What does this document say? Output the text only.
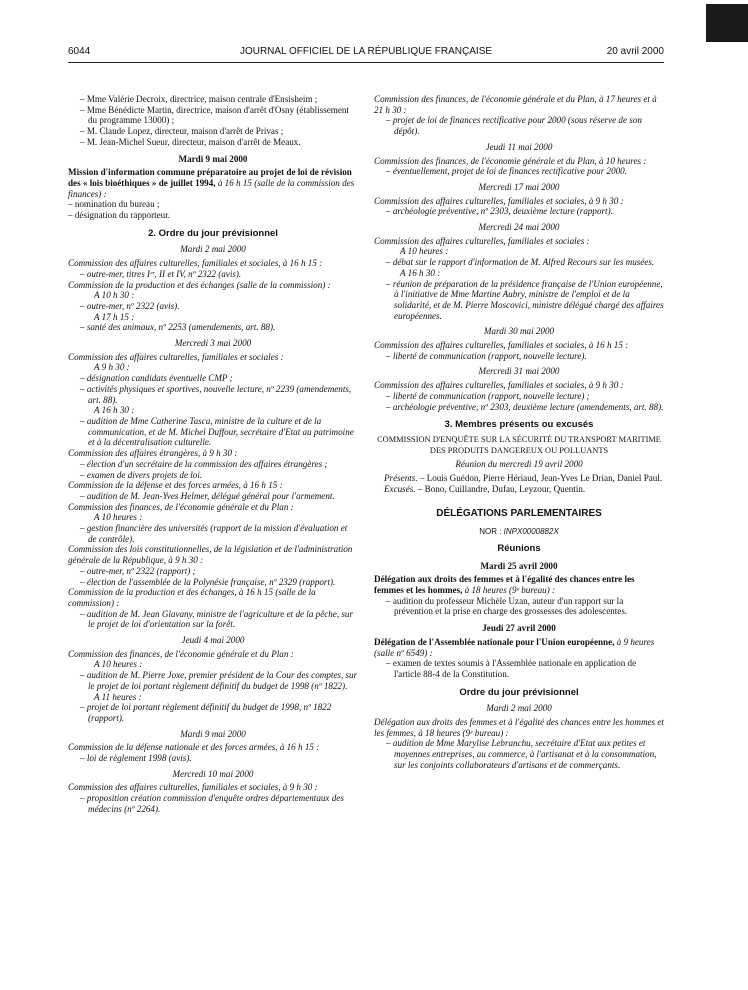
6044	JOURNAL OFFICIEL DE LA RÉPUBLIQUE FRANÇAISE	20 avril 2000

– Mme Valérie Decroix, directrice, maison centrale d'Ensisheim ;

– Mme Bénédicte Martin, directrice, maison d'arrêt d'Osny (établissement du programme 13000) ;

– M. Claude Lopez, directeur, maison d'arrêt de Privas ;

– M. Jean-Michel Sueur, directeur, maison d'arrêt de Meaux.

Mardi 9 mai 2000

Mission d'information commune préparatoire au projet de loi de révision des « lois bioéthiques » de juillet 1994, à 16 h 15 (salle de la commission des finances) :

– nomination du bureau ;

– désignation du rapporteur.

2. Ordre du jour prévisionnel

Mardi 2 mai 2000

Commission des affaires culturelles, familiales et sociales, à 16 h 15 :

– outre-mer, titres Iᵉʳ, II et IV, nº 2322 (avis).

Commission de la production et des échanges (salle de la commission) :

A 10 h 30 :

– outre-mer, nº 2322 (avis).

A 17 h 15 :

– santé des animaux, nº 2253 (amendements, art. 88).

Mercredi 3 mai 2000

Commission des affaires culturelles, familiales et sociales :

A 9 h 30 :

– désignation candidats éventuelle CMP ;

– activités physiques et sportives, nouvelle lecture, nº 2239 (amendements, art. 88).

A 16 h 30 :

– audition de Mme Catherine Tasca, ministre de la culture et de la communication, et de M. Michel Duffour, secrétaire d'Etat au patrimoine et à la décentralisation culturelle.

Commission des affaires étrangères, à 9 h 30 :

– élection d'un secrétaire de la commission des affaires étrangères ;

– examen de divers projets de loi.

Commission de la défense et des forces armées, à 16 h 15 :

– audition de M. Jean-Yves Helmer, délégué général pour l'armement.

Commission des finances, de l'économie générale et du Plan :

A 10 heures :

– gestion financière des universités (rapport de la mission d'évaluation et de contrôle).

Commission des lois constitutionnelles, de la législation et de l'administration générale de la République, à 9 h 30 :

– outre-mer, nº 2322 (rapport) ;

– élection de l'assemblée de la Polynésie française, nº 2329 (rapport).

Commission de la production et des échanges, à 16 h 15 (salle de la commission) :

– audition de M. Jean Glavany, ministre de l'agriculture et de la pêche, sur le projet de loi d'orientation sur la forêt.

Jeudi 4 mai 2000

Commission des finances, de l'économie générale et du Plan :

A 10 heures :

– audition de M. Pierre Joxe, premier président de la Cour des comptes, sur le projet de loi portant règlement définitif du budget de 1998 (nº 1822).

A 11 heures :

– projet de loi portant règlement définitif du budget de 1998, nº 1822 (rapport).

Mardi 9 mai 2000

Commission de la défense nationale et des forces armées, à 16 h 15 :

– loi de règlement 1998 (avis).

Mercredi 10 mai 2000

Commission des affaires culturelles, familiales et sociales, à 9 h 30 :

– proposition création commission d'enquête ordres départementaux des médecins (nº 2264).

Commission des finances, de l'économie générale et du Plan, à 17 heures et à 21 h 30 :

– projet de loi de finances rectificative pour 2000 (sous réserve de son dépôt).

Jeudi 11 mai 2000

Commission des finances, de l'économie générale et du Plan, à 10 heures :

– éventuellement, projet de loi de finances rectificative pour 2000.

Mercredi 17 mai 2000

Commission des affaires culturelles, familiales et sociales, à 9 h 30 :

– archéologie préventive, nº 2303, deuxième lecture (rapport).

Mercredi 24 mai 2000

Commission des affaires culturelles, familiales et sociales :

A 10 heures :

– débat sur le rapport d'information de M. Alfred Recours sur les musées.

A 16 h 30 :

– réunion de préparation de la présidence française de l'Union européenne, à l'initiative de Mme Martine Aubry, ministre de l'emploi et de la solidarité, et de M. Pierre Moscovici, ministre délégué chargé des affaires européennes.

Mardi 30 mai 2000

Commission des affaires culturelles, familiales et sociales, à 16 h 15 :

– liberté de communication (rapport, nouvelle lecture).

Mercredi 31 mai 2000

Commission des affaires culturelles, familiales et sociales, à 9 h 30 :

– liberté de communication (rapport, nouvelle lecture) ;

– archéologie préventive, nº 2303, deuxième lecture (amendements, art. 88).

3. Membres présents ou excusés

COMMISSION D'ENQUÊTE SUR LA SÉCURITÉ DU TRANSPORT MARITIME DES PRODUITS DANGEREUX OU POLLUANTS

Réunion du mercredi 19 avril 2000

Présents. – Louis Guédon, Pierre Hériaud, Jean-Yves Le Drian, Daniel Paul.

Excusés. – Bono, Cuillandre, Dufau, Leyzour, Quentin.

DÉLÉGATIONS PARLEMENTAIRES

NOR : INPX0000882X

Réunions

Mardi 25 avril 2000

Délégation aux droits des femmes et à l'égalité des chances entre les femmes et les hommes, à 18 heures (9ᵉ bureau) :

– audition du professeur Michèle Uzan, auteur d'un rapport sur la prévention et la prise en charge des grossesses des adolescentes.

Jeudi 27 avril 2000

Délégation de l'Assemblée nationale pour l'Union européenne, à 9 heures (salle nº 6549) :

– examen de textes soumis à l'Assemblée nationale en application de l'article 88-4 de la Constitution.

Ordre du jour prévisionnel

Mardi 2 mai 2000

Délégation aux droits des femmes et à l'égalité des chances entre les hommes et les femmes, à 18 heures (9ᵉ bureau) :

– audition de Mme Marylise Lebranchu, secrétaire d'Etat aux petites et moyennes entreprises, au commerce, à l'artisanat et à la consommation, sur les conjoints collaborateurs d'artisans et de commerçants.
